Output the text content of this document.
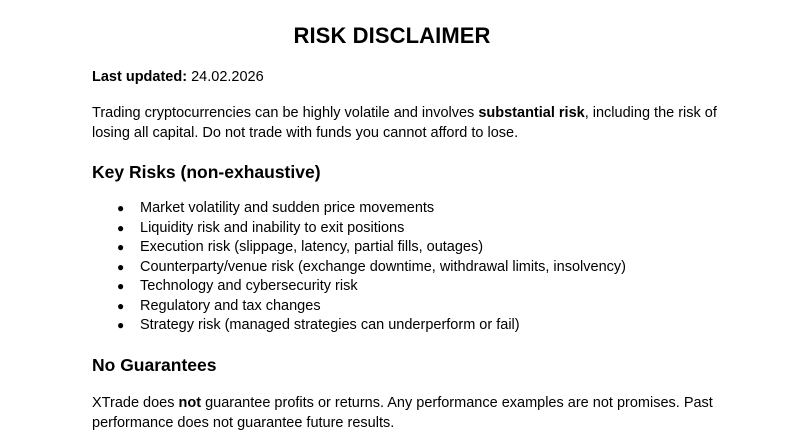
RISK DISCLAIMER

Last updated: 24.02.2026

Trading cryptocurrencies can be highly volatile and involves substantial risk, including the risk of losing all capital. Do not trade with funds you cannot afford to lose.

Key Risks (non-exhaustive)
● Market volatility and sudden price movements
● Liquidity risk and inability to exit positions
● Execution risk (slippage, latency, partial fills, outages)
● Counterparty/venue risk (exchange downtime, withdrawal limits, insolvency)
● Technology and cybersecurity risk
● Regulatory and tax changes
● Strategy risk (managed strategies can underperform or fail)
No Guarantees

XTrade does not guarantee profits or returns. Any performance examples are not promises. Past performance does not guarantee future results.
